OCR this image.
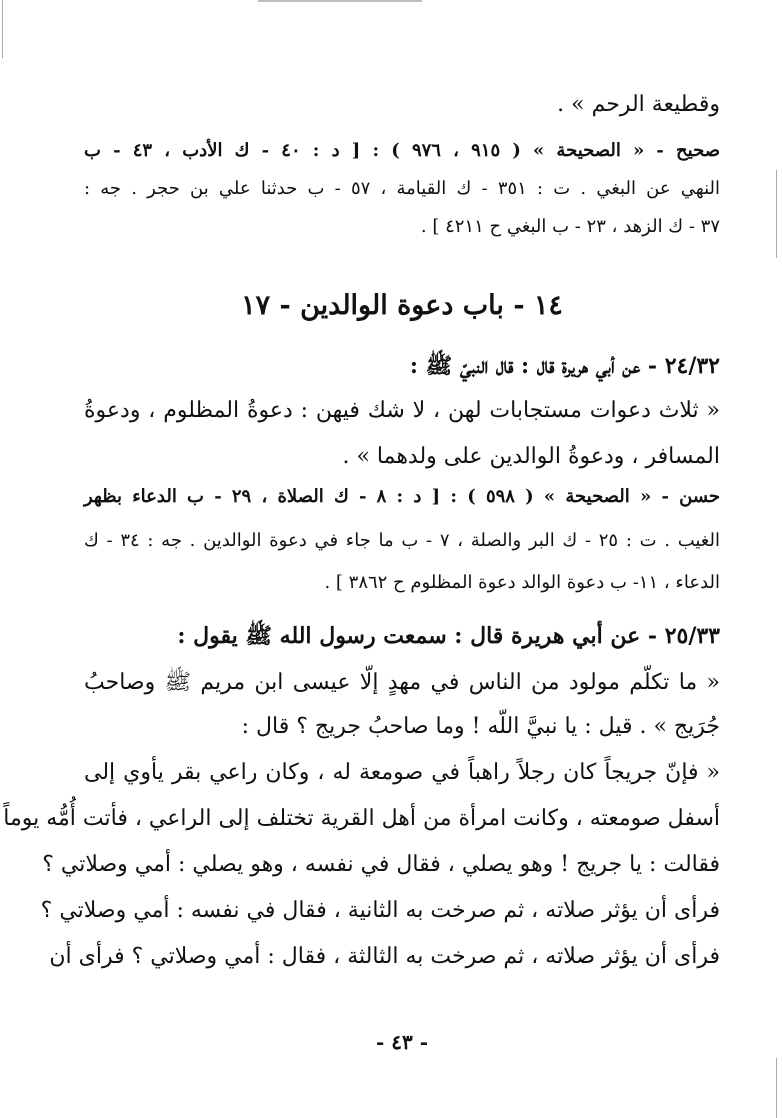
وقطيعة الرحم » .
صحيح - « الصحيحة » ( ٩١٥ ، ٩٧٦ ) : [ د : ٤٠ - ك الأدب ، ٤٣ - ب
النهي عن البغي . ت : ٣٥١ - ك القيامة ، ٥٧ - ب حدثنا علي بن حجر . جه :
٣٧ - ك الزهد ، ٢٣ - ب البغي ح ٤٢١١ ] .
١٤ - باب دعوة الوالدين - ١٧
٢٤/٣٢ - عن أبي هريرة قال : قال النبيّ ﷺ :
« ثلاث دعوات مستجابات لهن ، لا شك فيهن : دعوةُ المظلوم ، ودعوةُ
المسافر ، ودعوةُ الوالدين على ولدهما » .
حسن - « الصحيحة » ( ٥٩٨ ) : [ د : ٨ - ك الصلاة ، ٢٩ - ب الدعاء بظهر
الغيب . ت : ٢٥ - ك البر والصلة ، ٧ - ب ما جاء في دعوة الوالدين . جه : ٣٤ - ك
الدعاء ، ١١- ب دعوة الوالد دعوة المظلوم ح ٣٨٦٢ ] .
٢٥/٣٣ - عن أبي هريرة قال : سمعت رسول الله ﷺ يقول :
« ما تكلّم مولود من الناس في مهدٍ إلّا عيسى ابن مريم ﷺ وصاحبُ
جُرَيج » . قيل : يا نبيَّ اللّه ! وما صاحبُ جريج ؟ قال :
« فإنّ جريجاً كان رجلاً راهباً في صومعة له ، وكان راعي بقر يأوي إلى
أسفل صومعته ، وكانت امرأة من أهل القرية تختلف إلى الراعي ، فأتت أُمُّه يوماً
فقالت : يا جريج ! وهو يصلي ، فقال في نفسه ، وهو يصلي : أمي وصلاتي ؟
فرأى أن يؤثر صلاته ، ثم صرخت به الثانية ، فقال في نفسه : أمي وصلاتي ؟
فرأى أن يؤثر صلاته ، ثم صرخت به الثالثة ، فقال : أمي وصلاتي ؟ فرأى أن
- ٤٣ -
